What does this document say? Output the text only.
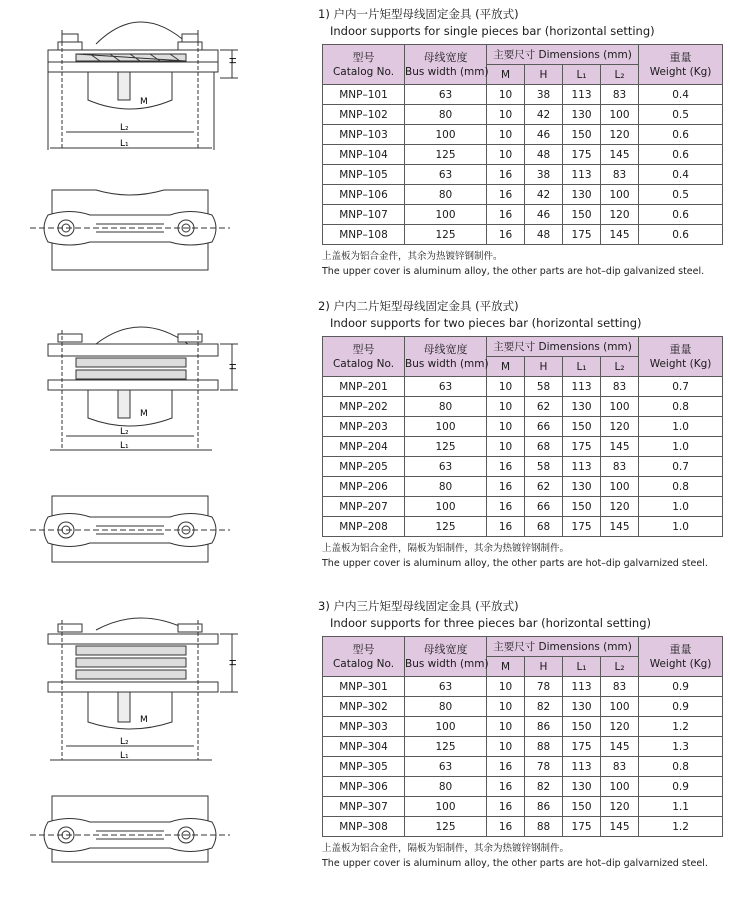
H
M
L₂
L₁
H
M
L₂
L₁
H
M
L₂
L₁
1) 户内一片矩型母线固定金具 (平放式)
Indoor supports for single pieces bar (horizontal setting)
型号
Catalog No.	母线宽度
Bus width (mm)	主要尺寸 Dimensions (mm)				重量
Weight (Kg)
		M	H	L₁	L₂	
MNP–101	63	10	38	113	83	0.4
MNP–102	80	10	42	130	100	0.5
MNP–103	100	10	46	150	120	0.6
MNP–104	125	10	48	175	145	0.6
MNP–105	63	16	38	113	83	0.4
MNP–106	80	16	42	130	100	0.5
MNP–107	100	16	46	150	120	0.6
MNP–108	125	16	48	175	145	0.6
上盖板为铝合金件，其余为热镀锌钢制件。
The upper cover is aluminum alloy, the other parts are hot–dip galvanized steel.
2) 户内二片矩型母线固定金具 (平放式)
Indoor supports for two pieces bar (horizontal setting)
型号
Catalog No.	母线宽度
Bus width (mm)	主要尺寸 Dimensions (mm)				重量
Weight (Kg)
		M	H	L₁	L₂	
MNP–201	63	10	58	113	83	0.7
MNP–202	80	10	62	130	100	0.8
MNP–203	100	10	66	150	120	1.0
MNP–204	125	10	68	175	145	1.0
MNP–205	63	16	58	113	83	0.7
MNP–206	80	16	62	130	100	0.8
MNP–207	100	16	66	150	120	1.0
MNP–208	125	16	68	175	145	1.0
上盖板为铝合金件，隔板为铝制件，其余为热镀锌钢制件。
The upper cover is aluminum alloy, the other parts are hot–dip galvarnized steel.
3) 户内三片矩型母线固定金具 (平放式)
Indoor supports for three pieces bar (horizontal setting)
型号
Catalog No.	母线宽度
Bus width (mm)	主要尺寸 Dimensions (mm)				重量
Weight (Kg)
		M	H	L₁	L₂	
MNP–301	63	10	78	113	83	0.9
MNP–302	80	10	82	130	100	0.9
MNP–303	100	10	86	150	120	1.2
MNP–304	125	10	88	175	145	1.3
MNP–305	63	16	78	113	83	0.8
MNP–306	80	16	82	130	100	0.9
MNP–307	100	16	86	150	120	1.1
MNP–308	125	16	88	175	145	1.2
上盖板为铝合金件，隔板为铝制件，其余为热镀锌钢制件。
The upper cover is aluminum alloy, the other parts are hot–dip galvarnized steel.
